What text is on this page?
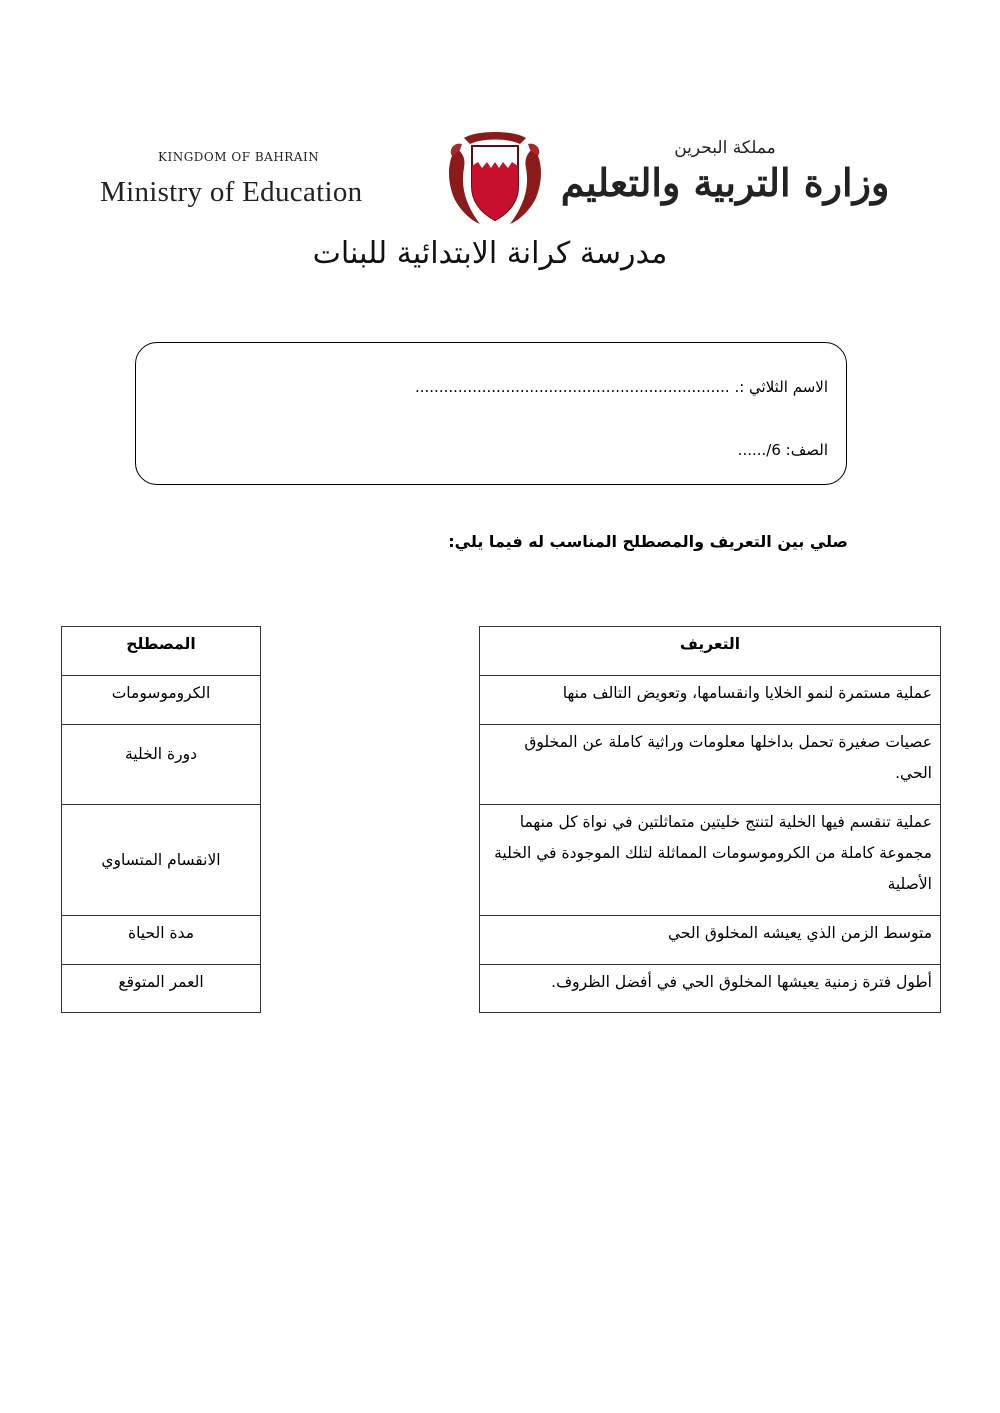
KINGDOM OF BAHRAIN
Ministry of Education
مملكة البحرين
وزارة التربية والتعليم
مدرسة كرانة الابتدائية للبنات
الاسم الثلاثي :. ..................................................................
الصف: 6/......
صلي بين التعريف والمصطلح المناسب له فيما يلي:
التعريف
عملية مستمرة لنمو الخلايا وانقسامها، وتعويض التالف منها
عصيات صغيرة تحمل بداخلها معلومات وراثية كاملة عن المخلوق الحي.
عملية تنقسم فيها الخلية لتنتج خليتين متماثلتين في نواة كل منهما مجموعة كاملة من الكروموسومات المماثلة لتلك الموجودة في الخلية الأصلية
متوسط الزمن الذي يعيشه المخلوق الحي
أطول فترة زمنية يعيشها المخلوق الحي في أفضل الظروف.
المصطلح
الكروموسومات
دورة الخلية
الانقسام المتساوي
مدة الحياة
العمر المتوقع
